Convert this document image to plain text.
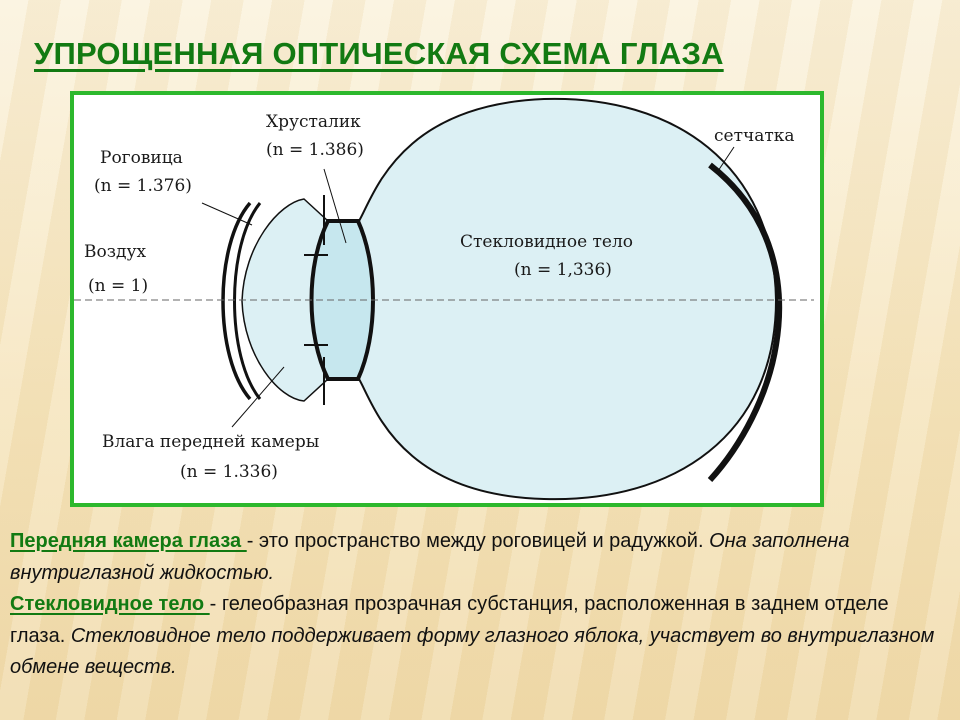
УПРОЩЕННАЯ ОПТИЧЕСКАЯ СХЕМА ГЛАЗА
Хрусталик
(n = 1.386)
Роговица
(n = 1.376)
Воздух
(n = 1)
сетчатка
Стекловидное тело
(n = 1,336)
Влага передней камеры
(n = 1.336)

Передняя камера глаза - это пространство между роговицей и радужкой. Она заполнена внутриглазной жидкостью.

Стекловидное тело - гелеобразная прозрачная субстанция, расположенная в заднем отделе глаза. Стекловидное тело поддерживает форму глазного яблока, участвует во внутриглазном обмене веществ.
